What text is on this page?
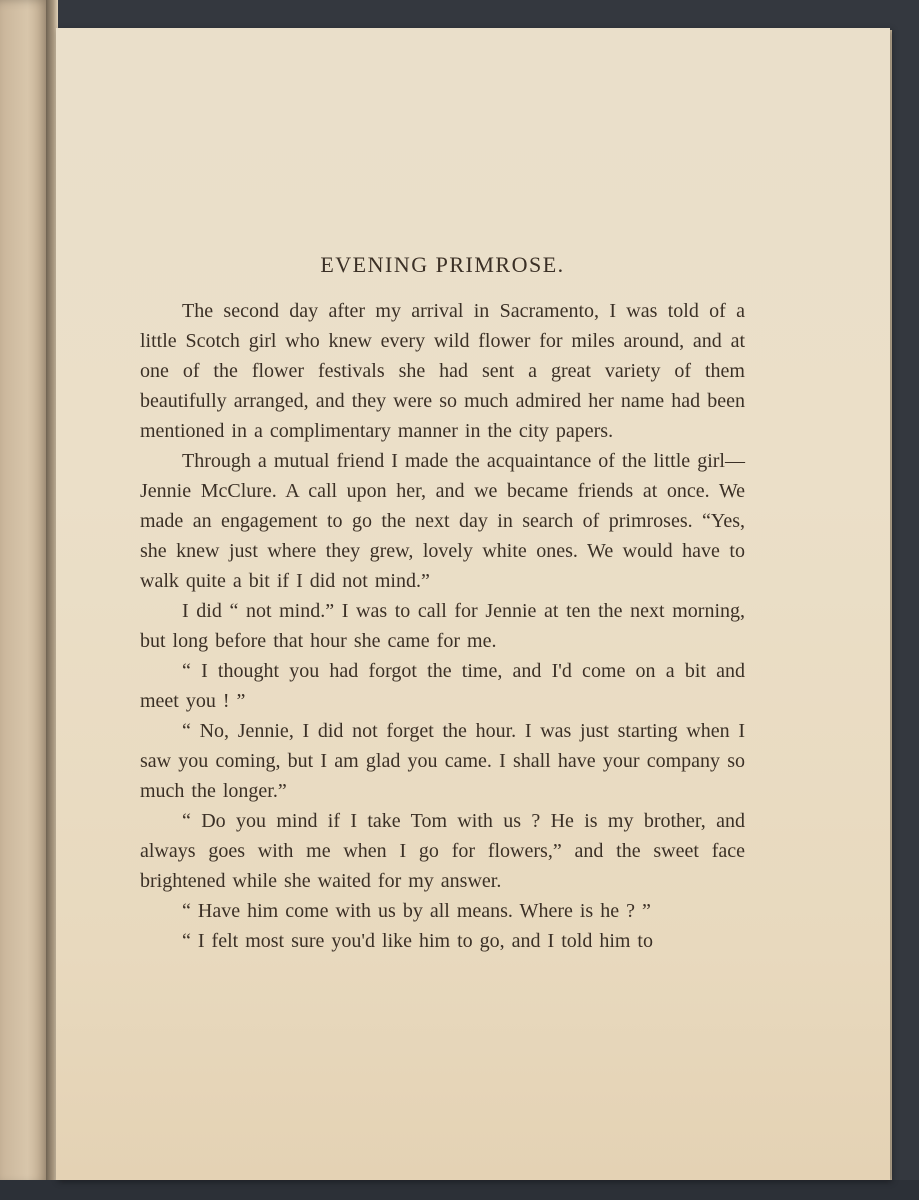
EVENING PRIMROSE.

The second day after my arrival in Sacramento, I was told of a little Scotch girl who knew every wild flower for miles around, and at one of the flower festivals she had sent a great variety of them beautifully arranged, and they were so much admired her name had been mentioned in a complimentary manner in the city papers.

Through a mutual friend I made the acquaintance of the little girl—Jennie McClure. A call upon her, and we became friends at once. We made an engagement to go the next day in search of primroses. “Yes, she knew just where they grew, lovely white ones. We would have to walk quite a bit if I did not mind.”

I did “ not mind.” I was to call for Jennie at ten the next morning, but long before that hour she came for me.

“ I thought you had forgot the time, and I'd come on a bit and meet you ! ”

“ No, Jennie, I did not forget the hour. I was just starting when I saw you coming, but I am glad you came. I shall have your company so much the longer.”

“ Do you mind if I take Tom with us ? He is my brother, and always goes with me when I go for flowers,” and the sweet face brightened while she waited for my answer.

“ Have him come with us by all means. Where is he ? ”

“ I felt most sure you'd like him to go, and I told him to
